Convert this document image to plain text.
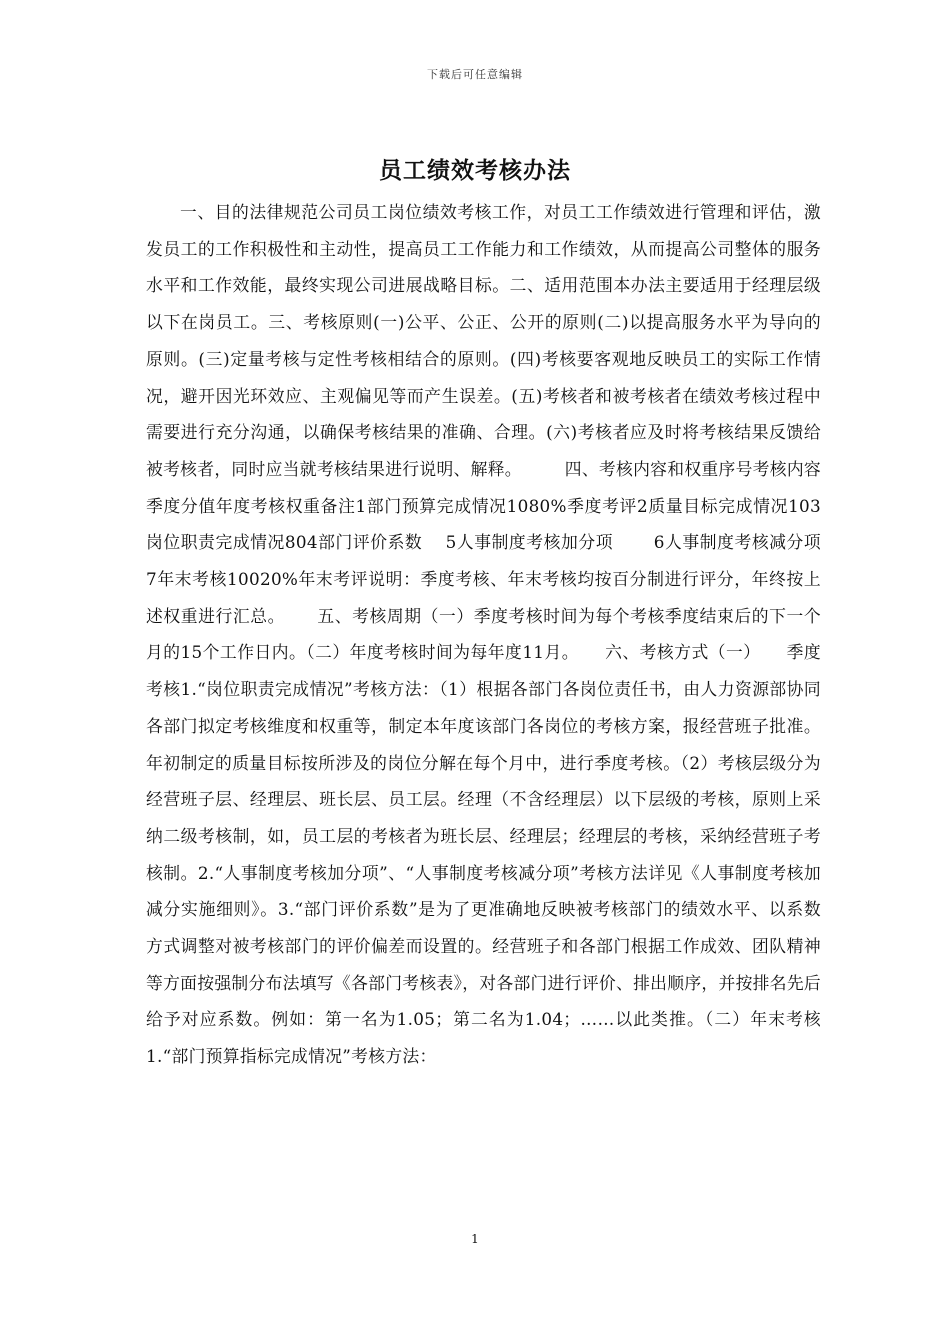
下载后可任意编辑
员工绩效考核办法

一、目的法律规范公司员工岗位绩效考核工作，对员工工作绩效进行管理和评估，激发员工的工作积极性和主动性，提高员工工作能力和工作绩效，从而提高公司整体的服务水平和工作效能，最终实现公司进展战略目标。二、适用范围本办法主要适用于经理层级以下在岗员工。三、考核原则(一)公平、公正、公开的原则(二)以提高服务水平为导向的原则。(三)定量考核与定性考核相结合的原则。(四)考核要客观地反映员工的实际工作情况，避开因光环效应、主观偏见等而产生误差。(五)考核者和被考核者在绩效考核过程中需要进行充分沟通，以确保考核结果的准确、合理。(六)考核者应及时将考核结果反馈给被考核者，同时应当就考核结果进行说明、解释。　　　四、考核内容和权重序号考核内容季度分值年度考核权重备注1部门预算完成情况1080%季度考评2质量目标完成情况103岗位职责完成情况804部门评价系数　 5人事制度考核加分项　　 6人事制度考核减分项　　 7年末考核10020%年末考评说明：季度考核、年末考核均按百分制进行评分，年终按上述权重进行汇总。　　 五、考核周期（一）季度考核时间为每个考核季度结束后的下一个月的15个工作日内。（二）年度考核时间为每年度11月。　　六、考核方式（一）　　季度考核1.“岗位职责完成情况”考核方法：（1）根据各部门各岗位责任书，由人力资源部协同各部门拟定考核维度和权重等，制定本年度该部门各岗位的考核方案，报经营班子批准。年初制定的质量目标按所涉及的岗位分解在每个月中，进行季度考核。（2）考核层级分为经营班子层、经理层、班长层、员工层。经理（不含经理层）以下层级的考核，原则上采纳二级考核制，如，员工层的考核者为班长层、经理层；经理层的考核，采纳经营班子考核制。2.“人事制度考核加分项”、“人事制度考核减分项”考核方法详见《人事制度考核加减分实施细则》。3.“部门评价系数”是为了更准确地反映被考核部门的绩效水平、以系数方式调整对被考核部门的评价偏差而设置的。经营班子和各部门根据工作成效、团队精神等方面按强制分布法填写《各部门考核表》，对各部门进行评价、排出顺序，并按排名先后给予对应系数。例如：第一名为1.05；第二名为1.04；……以此类推。（二）年末考核1.“部门预算指标完成情况”考核方法：

1
